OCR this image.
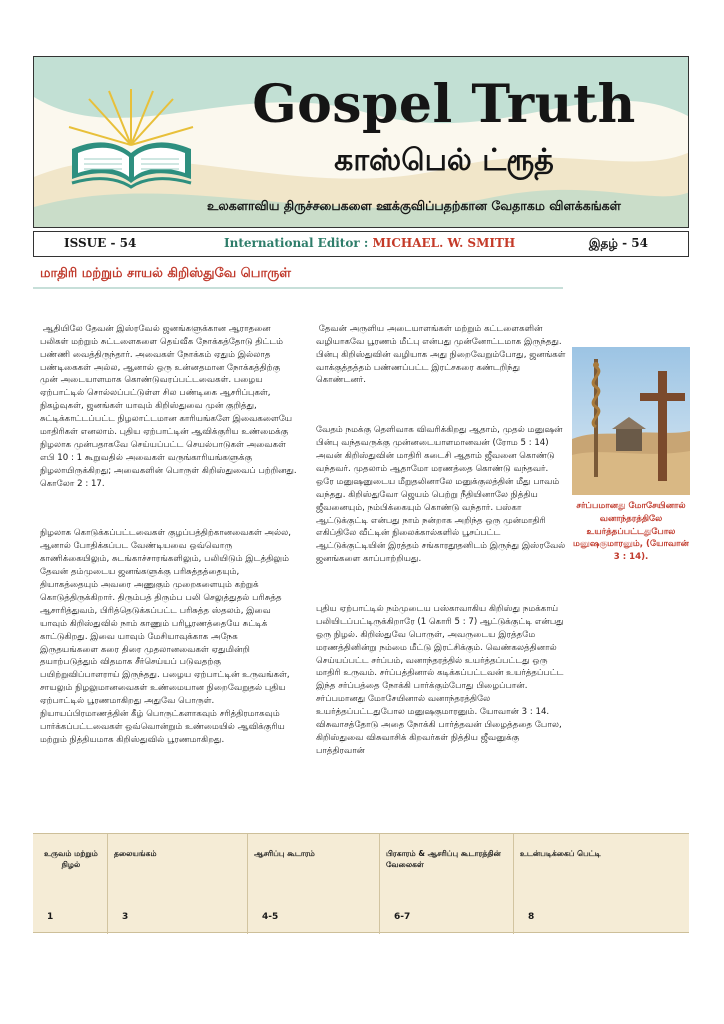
Gospel Truth
காஸ்பெல் ட்ரூத்
உலகளாவிய திருச்சபைகளை ஊக்குவிப்பதற்கான வேதாகம விளக்கங்கள்
ISSUE - 54	International Editor : MICHAEL. W. SMITH	இதழ் - 54
மாதிரி மற்றும் சாயல் கிறிஸ்துவே பொருள்

ஆதியிலே தேவன் இஸ்ரவேல் ஜனங்களுக்கான ஆராதனை பலிகள் மற்றும் சுட்டளைகளை தெய்வீக நோக்கத்தோடு திட்டம் பண்ணி வைத்திருந்தார். அவைகள் நோக்கம் ஏதும் இல்லாத பண்டிகைகள் அல்ல, ஆனால் ஒரு உன்னதமான நோக்கத்திற்கு முன் அடையாளமாக கொண்டுவரப்பட்டவைகள். பழைய ஏற்பாட்டில் சொல்லப்பட்டுள்ள சில பண்டிகை ஆசரிப்புகள், நிகழ்வுகள், ஜனங்கள் யாவும் கிறிஸ்துவை முன் குறித்து, சுட்டிக்காட்டப்பட்ட நிழலாட்டமான காரியங்களே இவைகளையே மாதிரிகள் எனலாம். புதிய ஏற்பாட்டின் ஆவிக்குரிய உண்மைக்கு நிழலாக முன்பதாகவே செய்யப்பட்ட செயல்பாடுகள் அவைகள் எபி 10 : 1 கூறுவதில் அவைகள் வருங்காரியங்களுக்கு நிழலாயிருக்கிறது; அவைகளின் பொருள் கிறிஸ்துவைப் பற்றினது. கொலோ 2 : 17.

நிழலாக கொடுக்கப்பட்டவைகள் குழப்பத்திற்கானவைகள் அல்ல, ஆனால் போதிக்கப்பட வேண்டியவை ஒவ்வொரு காணிக்கையிலும், சுடங்காச்சாரங்களிலும், பலியிடும் இடத்திலும் தேவன் தம்முடைய ஜனங்களுக்கு பரிசுத்தத்தையும், தியாகத்தையும் அவரை அணுகும் முறைகளையும் கற்றுக் கொடுத்திருக்கிறார். திரும்பத் திரும்ப பலி செலுத்துதல் பரிசுத்த ஆசாரித்துவம், பிரித்தெடுக்கப்பட்ட பரிசுத்த ஸ்தலம், இவை யாவும் கிறிஸ்துவில் நாம் காணும் பரிபூரணத்தையே சுட்டிக் காட்டுகிறது. இவை யாவும் மேசியாவுக்காக அநேக இருதயங்களை கரை திரை முதலானவைகள் ஏதுமின்றி தயாற்படுத்தும் விதமாக சீர்செய்யப் படுவதற்கு பயிற்றுவிப்பாளராய் இருந்தது. பழைய ஏற்பாட்டின் உருவங்கள், சாயலும் நிழலுமானவைகள் உண்மையான நிறைவேறுதல் புதிய ஏற்பாட்டில் பூரணமாகிறது அதுவே பொருள். நியாயப்பிரமாணத்தின் கீழ் பொருட்களாகவும் சரித்திரமாகவும் பார்க்கப்பட்டவைகள் ஒவ்வொன்றும் உண்மையில் ஆவிக்குரிய மற்றும் நித்தியமாக கிறிஸ்துவில் பூரணமாகிறது.

தேவன் அருளிய அடையாளங்கள் மற்றும் கட்டளைகளின் வழியாகவே பூரணம் மீட்பு என்பது முன்னோட்டமாக இருந்தது. பின்பு கிறிஸ்துவின் வழியாக அது நிறைவேறும்போது, ஜனங்கள் வாக்குத்தத்தம் பண்ணப்பட்ட இரட்சகரை கண்டறிந்து கொண்டனர்.

வேதம் நமக்கு தெளிவாக விவரிக்கிறது ஆதாம், முதல் மனுஷன் பின்பு வந்தவருக்கு முன்னடையாளமானவன் (ரோம 5 : 14) அவன் கிறிஸ்துவின் மாதிரி கடைசி ஆதாம் ஜீவனை கொண்டு வந்தவர். முதலாம் ஆதாமோ மரணத்தை கொண்டு வந்தவர். ஒரே மனுஷனுடைய மீறுதலினாலே மனுக்குலத்தின் மீது பாவம் வந்தது. கிறிஸ்துவோ ஜெயம் பெற்று நீதியினாலே நித்திய ஜீவனையும், நம்பிக்கையும் கொண்டு வந்தார். பஸ்கா ஆட்டுக்குட்டி என்பது நாம் நன்றாக அறிந்த ஒரு முன்மாதிரி எகிப்திலே வீட்டின் நிலைக்கால்களில் பூசப்பட்ட ஆட்டுக்குட்டியின் இரத்தம் சங்காரதூதனிடம் இருந்து இஸ்ரவேல் ஜனங்களை காப்பாற்றியது.

புதிய ஏற்பாட்டில் நம்முடைய பஸ்காவாகிய கிறிஸ்து நமக்காய் பலியிடப்பட்டிருக்கிறாரே (1 கொரி 5 : 7) ஆட்டுக்குட்டி என்பது ஒரு நிழல். கிறிஸ்துவே பொருள், அவருடைய இரத்தமே மரணத்தினின்று நம்மை மீட்டு இரட்சிக்கும். வெண்கலத்தினால் செய்யப்பட்ட சர்ப்பம், வனாந்தரத்தில் உயர்த்தப்பட்டது ஒரு மாதிரி உருவம். சர்ப்பத்தினால் கடிக்கப்பட்டவன் உயர்த்தப்பட்ட இந்த சர்ப்பத்தை நோக்கி பார்க்கும்போது பிழைப்பான். சர்ப்பமானது மோசேயினால் வனாந்தரத்திலே உயர்த்தப்பட்டதுபோல மனுஷகுமாரனும். யோவான் 3 : 14. விசுவாசத்தோடு அதை நோக்கி பார்த்தவன் பிழைத்ததை போல, கிறிஸ்துவை விசுவாசிக் கிறவர்கள் நித்திய ஜீவனுக்கு பாத்திரவான்

சர்ப்பமானது மோசேயினால் வனாந்தரத்திலே உயர்த்தப்பட்டதுபோல மனுஷகுமாரனும், (யோவான் 3 : 14).
உருவம் மற்றும் நிழல்
1
தலையங்கம்
3
ஆசரிப்பு கூடாரம்
4-5
பிரகாரம் & ஆசரிப்பு கூடாரத்தின் வேலைகள்
6-7
உடன்படிக்கைப் பெட்டி
8
